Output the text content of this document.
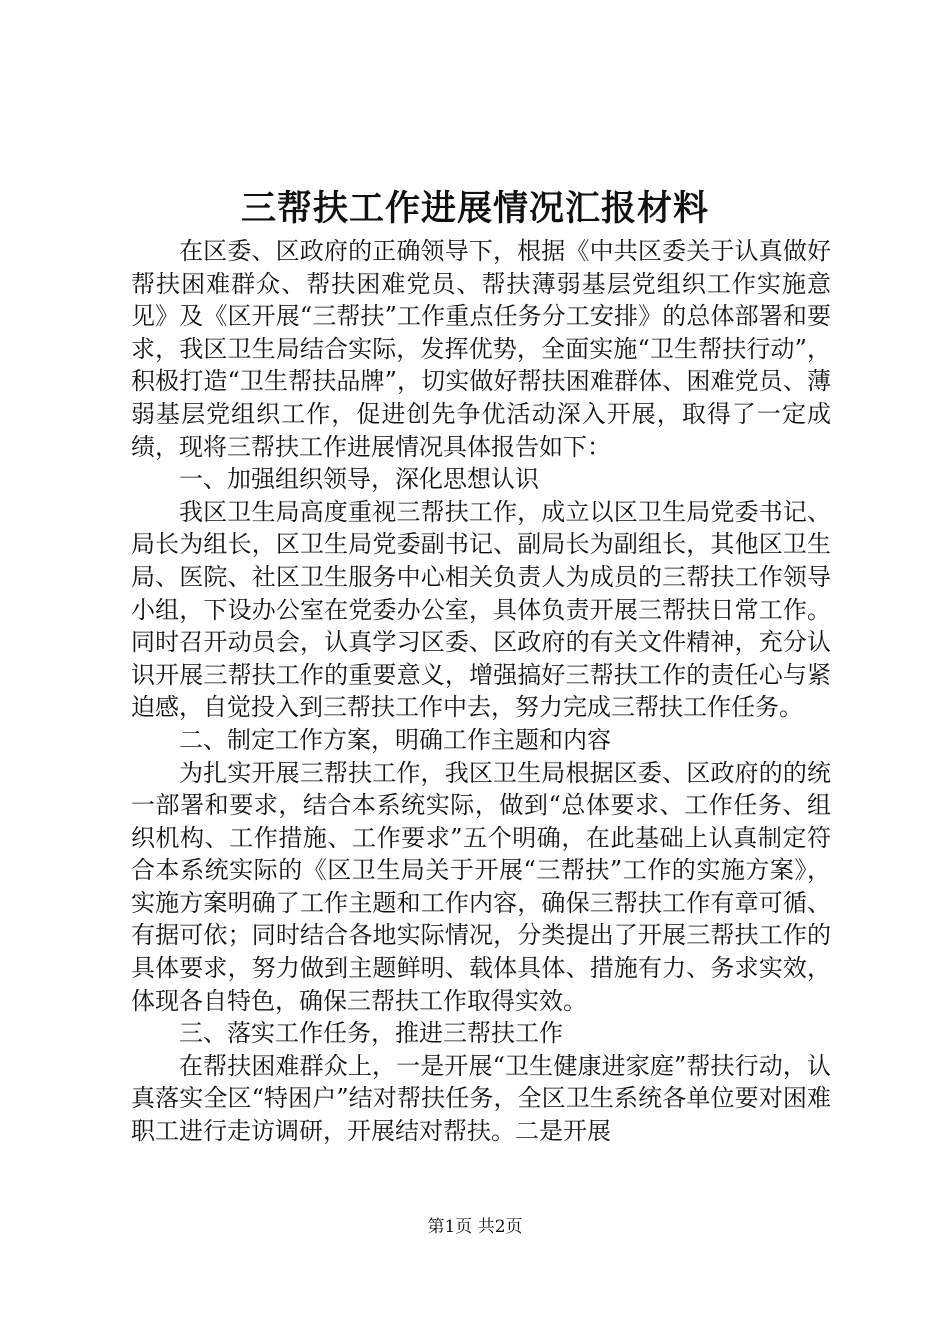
三帮扶工作进展情况汇报材料

在区委、区政府的正确领导下，根据《中共区委关于认真做好帮扶困难群众、帮扶困难党员、帮扶薄弱基层党组织工作实施意见》及《区开展“三帮扶”工作重点任务分工安排》的总体部署和要求，我区卫生局结合实际，发挥优势，全面实施“卫生帮扶行动”，积极打造“卫生帮扶品牌”，切实做好帮扶困难群体、困难党员、薄弱基层党组织工作，促进创先争优活动深入开展，取得了一定成绩，现将三帮扶工作进展情况具体报告如下：

一、加强组织领导，深化思想认识

我区卫生局高度重视三帮扶工作，成立以区卫生局党委书记、局长为组长，区卫生局党委副书记、副局长为副组长，其他区卫生局、医院、社区卫生服务中心相关负责人为成员的三帮扶工作领导小组，下设办公室在党委办公室，具体负责开展三帮扶日常工作。同时召开动员会，认真学习区委、区政府的有关文件精神，充分认识开展三帮扶工作的重要意义，增强搞好三帮扶工作的责任心与紧迫感，自觉投入到三帮扶工作中去，努力完成三帮扶工作任务。

二、制定工作方案，明确工作主题和内容

为扎实开展三帮扶工作，我区卫生局根据区委、区政府的的统一部署和要求，结合本系统实际，做到“总体要求、工作任务、组织机构、工作措施、工作要求”五个明确，在此基础上认真制定符合本系统实际的《区卫生局关于开展“三帮扶”工作的实施方案》，实施方案明确了工作主题和工作内容，确保三帮扶工作有章可循、有据可依；同时结合各地实际情况，分类提出了开展三帮扶工作的具体要求，努力做到主题鲜明、载体具体、措施有力、务求实效，体现各自特色，确保三帮扶工作取得实效。

三、落实工作任务，推进三帮扶工作

在帮扶困难群众上，一是开展“卫生健康进家庭”帮扶行动，认真落实全区“特困户”结对帮扶任务，全区卫生系统各单位要对困难职工进行走访调研，开展结对帮扶。二是开展

第1页 共2页
